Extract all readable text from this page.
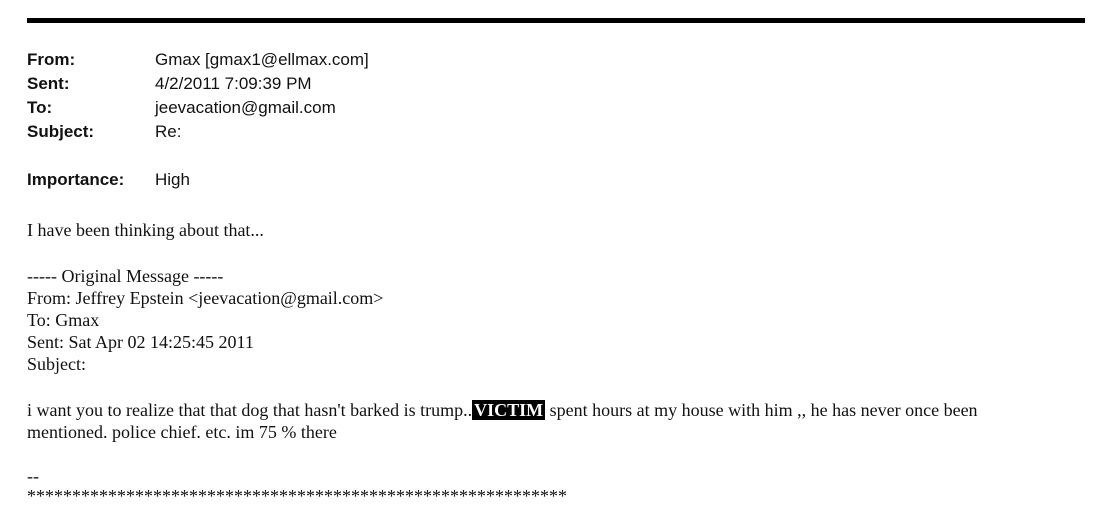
From:	Gmax [gmax1@ellmax.com]
Sent:	4/2/2011 7:09:39 PM
To:	jeevacation@gmail.com
Subject:	Re:
Importance: High
I have been thinking about that...
----- Original Message -----
From: Jeffrey Epstein <jeevacation@gmail.com>
To: Gmax
Sent: Sat Apr 02 14:25:45 2011
Subject:
i want you to realize that that dog that hasn't barked is trump.. VICTIM spent hours at my house with him ,, he has never once been
mentioned. police chief. etc. im 75 % there
--
************************************************************
